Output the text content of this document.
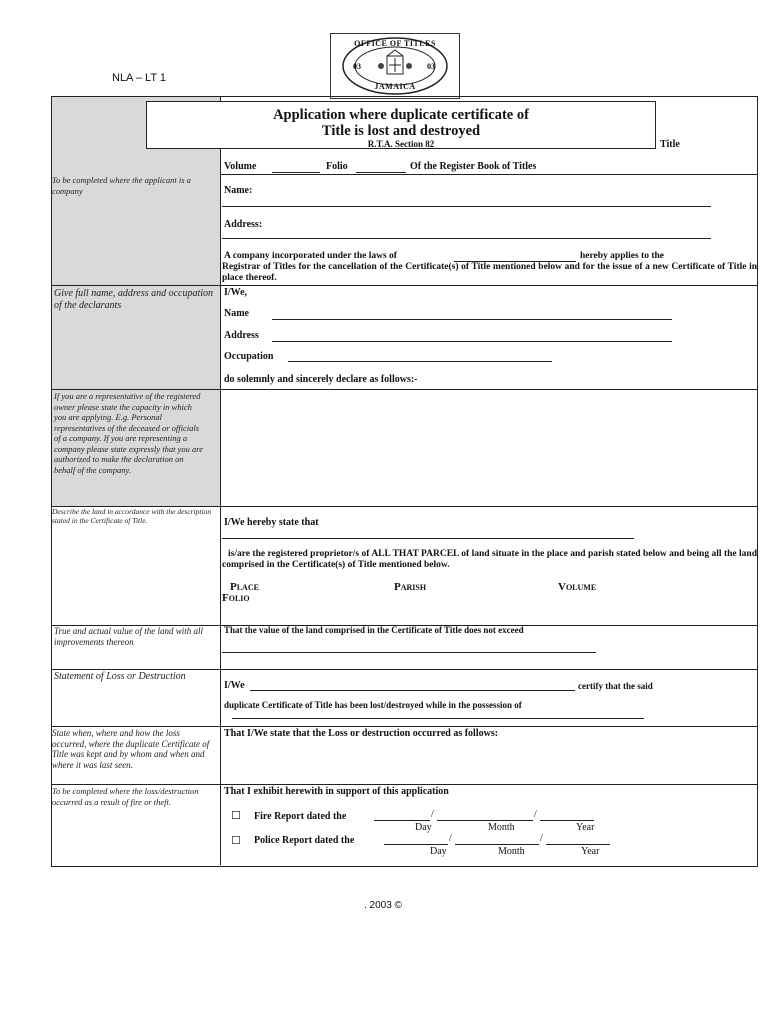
NLA – LT 1
OFFICE OF TITLES
03	03
JAMAICA
Application where duplicate certificate of
Title is lost and destroyed
R.T.A. Section 82	Title
Volume	Folio	Of the Register Book of Titles
To be completed where the applicant is a company	Name:
Address:
A company incorporated under the laws of	hereby applies to the
Registrar of Titles for the cancellation of the Certificate(s) of Title mentioned below and for the issue of a new Certificate of Title in place thereof.
Give full name, address and occupation of the declarants
I/We,
Name
Address
Occupation
do solemnly and sincerely declare as follows:-
If you are a representative of the registered owner please state the capacity in which you are applying. E.g. Personal representatives of the deceased or officials of a company. If you are representing a company please state expressly that you are authorized to make the declaration on behalf of the company.
Describe the land in accordance with the description stated in the Certificate of Title.	I/We hereby state that
is/are the registered proprietor/s of ALL THAT PARCEL of land situate in the place and parish stated below and being all the land comprised in the Certificate(s) of Title mentioned below.
Place	Parish	Volume
Folio
True and actual value of the land with all improvements thereon
That the value of the land comprised in the Certificate of Title does not exceed
Statement of Loss or Destruction
I/We	certify that the said
duplicate Certificate of Title has been lost/destroyed while in the possession of
State when, where and how the loss occurred, where the duplicate Certificate of Title was kept and by whom and when and where it was last seen.
That I/We state that the Loss or destruction occurred as follows:
To be completed where the loss/destruction occurred as a result of fire or theft.
That I exhibit herewith in support of this application
☐ Fire Report dated the	/	/
Day	Month	Year
☐ Police Report dated the	/	/
Day	Month	Year
. 2003 ©
